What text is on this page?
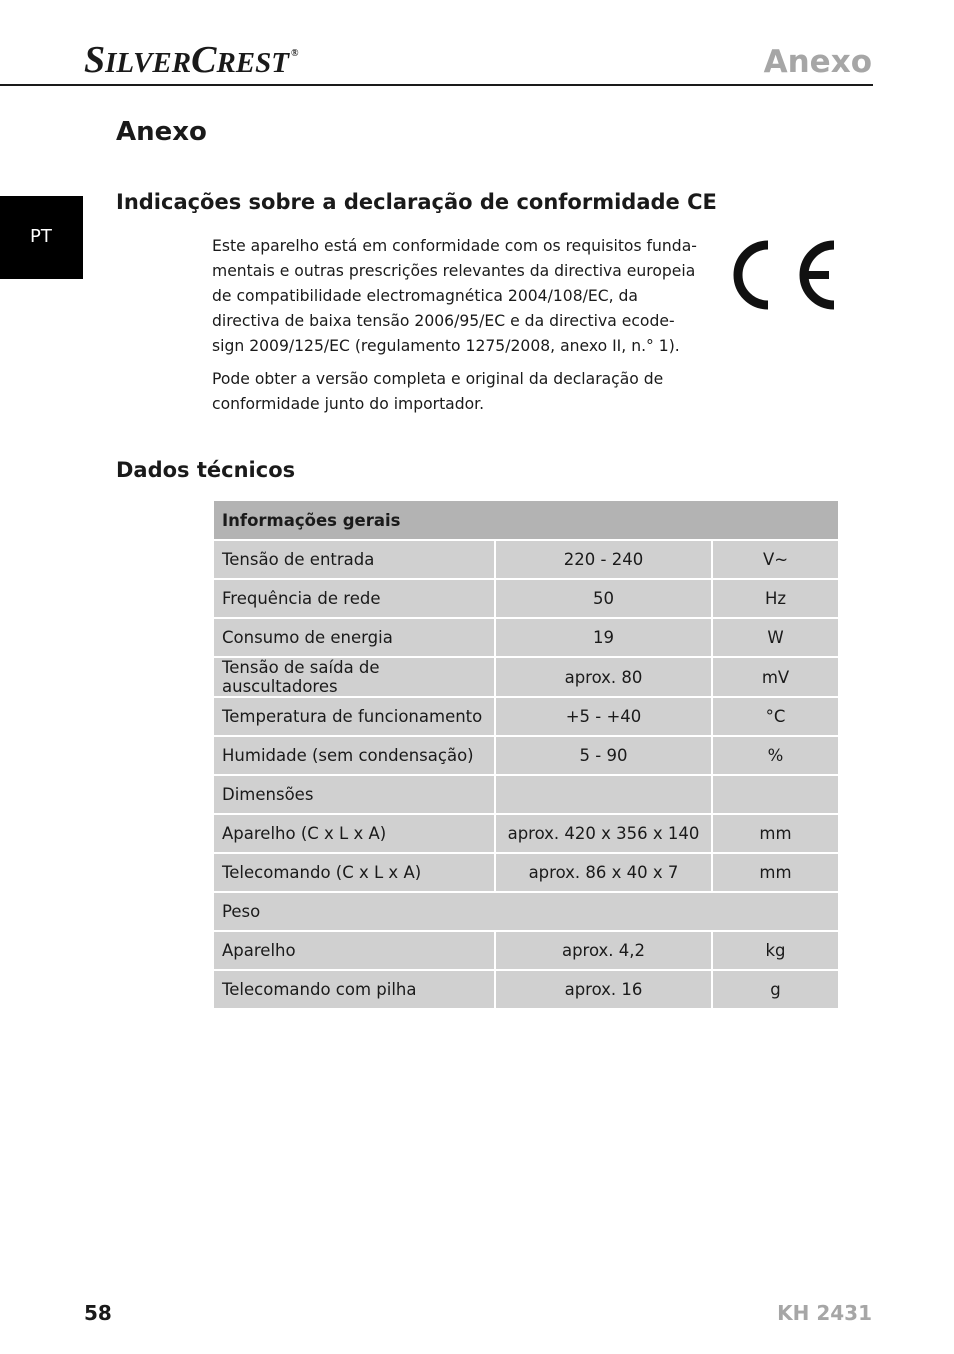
SILVERCREST ®	Anexo
PT
Anexo
Indicações sobre a declaração de conformidade CE
Este aparelho está em conformidade com os requisitos funda-
mentais e outras prescrições relevantes da directiva europeia
de compatibilidade electromagnética 2004/108/EC, da
directiva de baixa tensão 2006/95/EC e da directiva ecode-
sign 2009/125/EC (regulamento 1275/2008, anexo II, n.° 1).
Pode obter a versão completa e original da declaração de
conformidade junto do importador.
Dados técnicos
Informações gerais		
Tensão de entrada	220 - 240	V~
Frequência de rede	50	Hz
Consumo de energia	19	W
Tensão de saída de auscultadores	aprox. 80	mV
Temperatura de funcionamento	+5 - +40	°C
Humidade (sem condensação)	5 - 90	%
Dimensões		
Aparelho (C x L x A)	aprox. 420 x 356 x 140	mm
Telecomando (C x L x A)	aprox. 86 x 40 x 7	mm
Peso		
Aparelho	aprox. 4,2	kg
Telecomando com pilha	aprox. 16	g
58	KH 2431
